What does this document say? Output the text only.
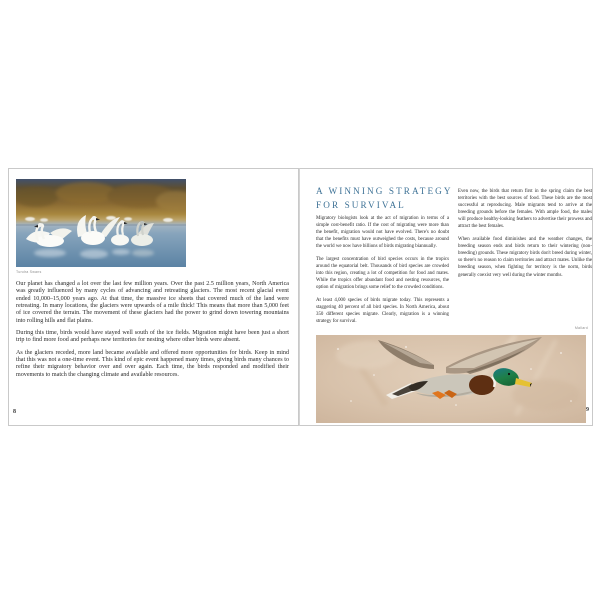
Tundra Swans

Our planet has changed a lot over the last few million years. Over the past 2.5 million years, North America was greatly influenced by many cycles of advancing and retreating glaciers. The most recent glacial event ended 10,000–15,000 years ago. At that time, the massive ice sheets that covered much of the land were retreating. In many locations, the glaciers were upwards of a mile thick! This means that more than 5,000 feet of ice covered the terrain. The movement of these glaciers had the power to grind down towering mountains into rolling hills and flat plains.

During this time, birds would have stayed well south of the ice fields. Migration might have been just a short trip to find more food and perhaps new territories for nesting where other birds were absent.

As the glaciers receded, more land became available and offered more opportunities for birds. Keep in mind that this was not a one-time event. This kind of epic event happened many times, giving birds many chances to refine their migratory behavior over and over again. Each time, the birds responded and modified their movements to match the changing climate and available resources.

8
A WINNING STRATEGY
FOR SURVIVAL

Migratory biologists look at the act of migration in terms of a simple cost-benefit ratio. If the cost of migrating were more than the benefit, migration would not have evolved. There's no doubt that the benefits must have outweighed the costs, because around the world we now have billions of birds migrating biannually.

The largest concentration of bird species occurs in the tropics around the equatorial belt. Thousands of bird species are crowded into this region, creating a lot of competition for food and mates. While the tropics offer abundant food and nesting resources, the option of migration brings some relief to the crowded conditions.

At least 4,000 species of birds migrate today. This represents a staggering 40 percent of all bird species. In North America, about 350 different species migrate. Clearly, migration is a winning strategy for survival.

Even now, the birds that return first in the spring claim the best territories with the best sources of food. These birds are the most successful at reproducing. Male migrants tend to arrive at the breeding grounds before the females. With ample food, the males will produce healthy-looking feathers to advertise their prowess and attract the best females.

When available food diminishes and the weather changes, the breeding season ends and birds return to their wintering (non-breeding) grounds. These migratory birds don't breed during winter, so there's no reason to claim territories and attract mates. Unlike the breeding season, when fighting for territory is the norm, birds generally coexist very well during the winter months.

Mallard
9
